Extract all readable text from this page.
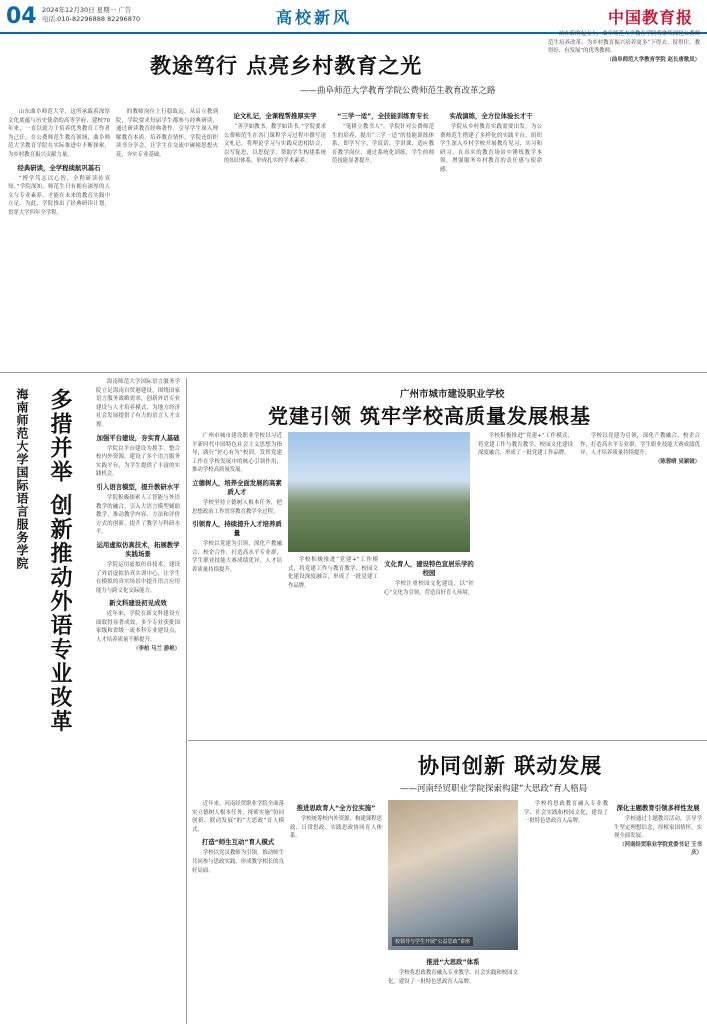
04 2024年12月30日 星期一 广告
电话:010-82296888 82296870	高校新风	中国教育报
教途笃行 点亮乡村教育之光
——曲阜师范大学教育学院公费师范生教育改革之路

山东曲阜师范大学，这所承载着深厚文化底蕴与历史使命的高等学府，建校70年来，一直以致力于培养优秀教育工作者为己任。在公费师范生教育领域，曲阜师范大学教育学院在实际推进中不断探索，为乡村教育振兴贡献力量。

经典研读，全学程续航巩基石

“博学笃志以心智，全程研读传真知。”学院深知，师范生只有拥有深厚的人文与专业素养，才能在未来的教育实践中立足。为此，学院推出了经典研读计划，贯穿大学四年全学程。

的教师岗位上行稳致远。从启立教到院，学院要求每届学生都参与经典研读，通过研读教育经典著作，引导学生深入理解教育本质，培养教育情怀。学院还组织读书分享会，让学生在交流中碰撞思想火花，夯实专业基础。

论文札记，全课程帮推厚实学

“善学如教书，教学如读书。”学院要求公费师范生在各门课程学习过程中撰写论文札记，将理论学习与实践反思相结合，以写促思，以思促学，帮助学生构建系统的知识体系，形成扎实的学术素养。

“三学一适”，全技能训练育专长

“笔耕立教书人”。学院针对公费师范生的培养，提出“三学一适”的技能训练体系，即学写字、学说话、学讲课，适应教育教学岗位。通过系统化训练，学生的师范技能显著提升。

实战演练，全方位体验长才干

学院从乡村教育实践需要出发，为公费师范生搭建了多样化的实践平台，组织学生深入乡村学校开展教育见习、实习和研习，在真实的教育场景中锤炼教学本领，增强服务乡村教育的责任感与使命感。

站在新的起点上，曲阜师范大学教育学院将继续深化公费师范生培养改革，为乡村教育振兴培养更多“下得去、留得住、教得好、有发展”的优秀教师。

（曲阜师范大学教育学院 赵长唐歌凤）

海南师范大学国际语言服务学院 多措并举 创新推动外语专业改革

海南师范大学国际语言服务学院立足海南自贸港建设，围绕国家语言服务战略需求，创新外语专业建设与人才培养模式，为地方经济社会发展提供了有力的语言人才支撑。

加强平台建设，夯实育人基础

学院以平台建设为抓手，整合校内外资源，建设了多个语言服务实践平台，为学生提供了丰富的实践机会。

引入语言模型，提升教研水平

学院积极探索人工智能与外语教学的融合，引入大语言模型辅助教学，推动教学内容、方法和评价方式的创新，提升了教学与科研水平。

运用虚拟仿真技术，拓展教学实践场景

学院运用虚拟仿真技术，建设了外语虚拟仿真实训中心，让学生在模拟的真实场景中提升语言应用能力与跨文化交际能力。

新文科建设初见成效

近年来，学院在新文科建设方面取得显著成效，多个专业获批国家级和省级一流本科专业建设点，人才培养质量不断提升。

（李柏 马兰 游艳）

广州市城市建设职业学校
党建引领 筑牢学校高质量发展根基

广州市城市建设职业学校以习近平新时代中国特色社会主义思想为指导，践行“匠心有为”校训，发挥党建工作在学校发展中的核心引领作用，推动学校高质量发展。

立德树人，培养全面发展的高素质人才

学校坚持立德树人根本任务，把思想政治工作贯穿教育教学全过程。

引领育人，持续提升人才培养质量

学校以党建为引领，深化产教融合、校企合作，打造高水平专业群，学生职业技能大赛成绩优异，人才培养质量持续提升。

学校积极推进“党建+”工作模式，将党建工作与教育教学、校园文化建设深度融合，形成了一批党建工作品牌。

文化育人，建设特色宣居乐学的校园

学校注重校园文化建设，以“匠心”文化为引领，营造良好育人环境。

学校积极推进“党建+”工作模式，将党建工作与教育教学、校园文化建设深度融合，形成了一批党建工作品牌。

学校以党建为引领，深化产教融合、校企合作，打造高水平专业群，学生职业技能大赛成绩优异，人才培养质量持续提升。

（陈蓉晴 吴颖镜）

协同创新 联动发展
——河南经贸职业学院探索构建“大思政”育人格局

近年来，河南经贸职业学院全面落实立德树人根本任务，探索实施“协同创新、联动发展”的“大思政”育人模式。

打造“师生互动”育人模式

学校以党员教师为引领，推动师生共同参与思政实践，形成教学相长的良好局面。

推进思政育人“全方位实施”

学校统筹校内外资源，构建课程思政、日常思政、实践思政协同育人体系。

校领导与学生开展“公益思政”讲座
推进“大思政”体系

学校将思政教育融入专业教学、社会实践和校园文化，建设了一批特色思政育人品牌。

学校将思政教育融入专业教学、社会实践和校园文化，建设了一批特色思政育人品牌。

深化主题教育引领多样性发展

学校通过主题教育活动，引导学生坚定理想信念，厚植家国情怀，实现全面发展。

（河南经贸职业学院党委书记 王书庆）
